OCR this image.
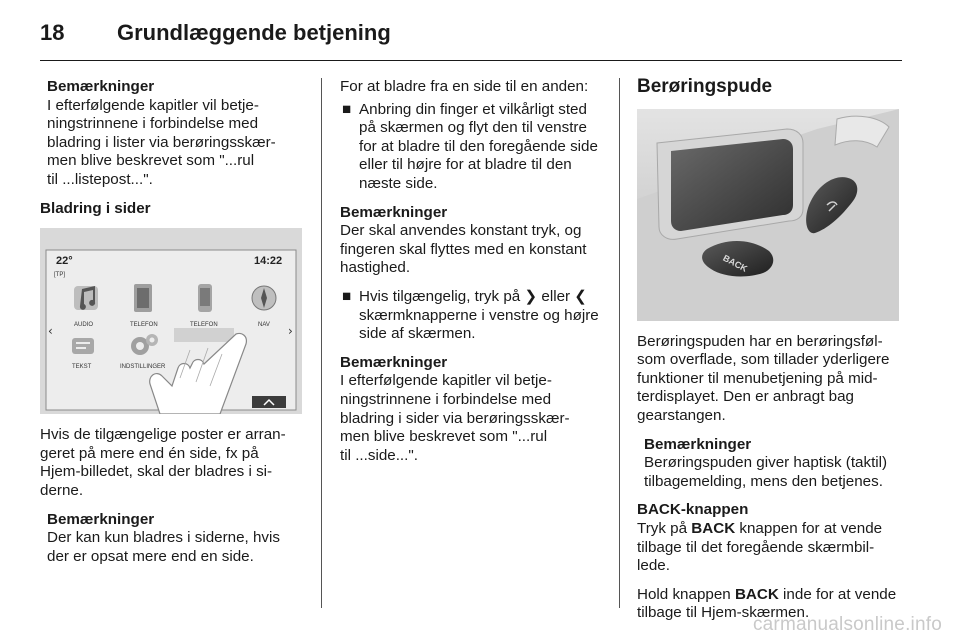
18 Grundlæggende betjening
Bemærkninger
I efterfølgende kapitler vil betje-
ningstrinnene i forbindelse med
bladring i lister via berøringsskær-
men blive beskrevet som "...rul
til ...listepost...".
Bladring i sider
22°
[TP]
14:22
AUDIO	TELEFON	TELEFON	NAV
TEKST	INDSTILLINGER
‹	›

Hvis de tilgængelige poster er arran-
geret på mere end én side, fx på
Hjem-billedet, skal der bladres i si-
derne.

Bemærkninger
Der kan kun bladres i siderne, hvis
der er opsat mere end en side.

For at bladre fra en side til en anden:

■ Anbring din finger et vilkårligt sted
på skærmen og flyt den til venstre
for at bladre til den foregående side
eller til højre for at bladre til den
næste side.
Bemærkninger
Der skal anvendes konstant tryk, og
fingeren skal flyttes med en konstant
hastighed.
■ Hvis tilgængelig, tryk på ❯ eller ❮
skærmknapperne i venstre og højre
side af skærmen.
Bemærkninger
I efterfølgende kapitler vil betje-
ningstrinnene i forbindelse med
bladring i sider via berøringsskær-
men blive beskrevet som "...rul
til ...side...".
Berøringspude
BACK

Berøringspuden har en berøringsføl-
som overflade, som tillader yderligere
funktioner til menubetjening på mid-
terdisplayet. Den er anbragt bag
gearstangen.

Bemærkninger
Berøringspuden giver haptisk (taktil)
tilbagemelding, mens den betjenes.
BACK-knappen

Tryk på BACK knappen for at vende
tilbage til det foregående skærmbil-
lede.

Hold knappen BACK inde for at vende
tilbage til Hjem-skærmen.

carmanualsonline.info
